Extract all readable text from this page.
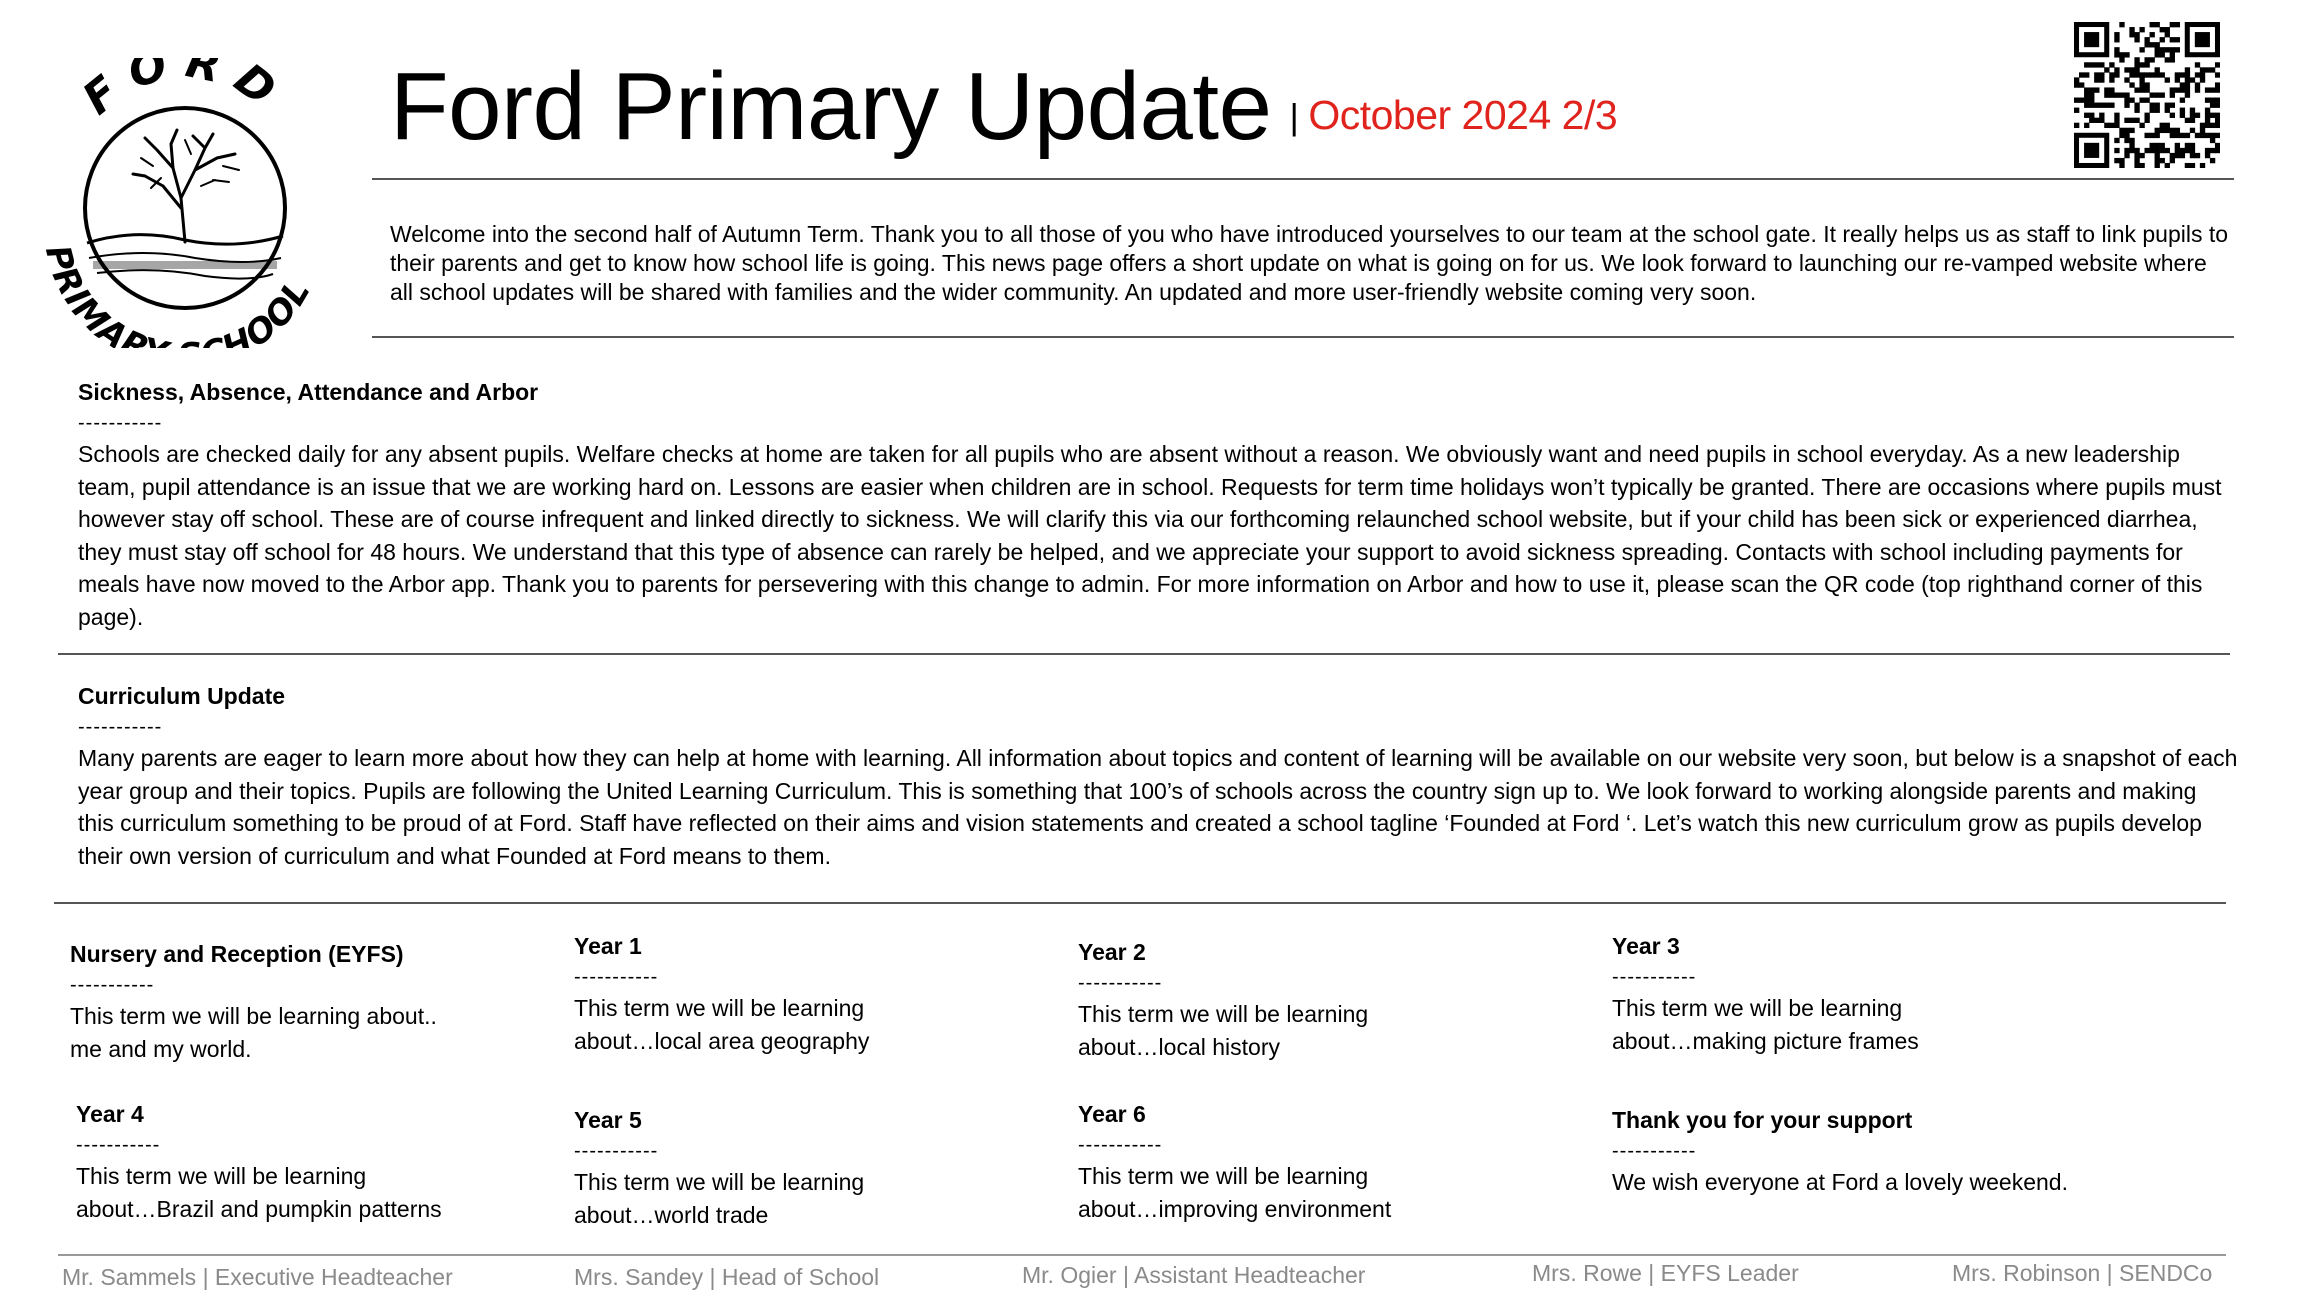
FORD
RIMAR HOOL
Ford Primary Update | $^{October 2024 2/3}$
Welcome into the second half of Autumn Term. Thank you to all those of you who have introduced yourselves to our team at the school gate. It really helps us as staff to link pupils to their parents and get to know how school life is going. This news page offers a short update on what is going on for us. We look forward to launching our re-vamped website where all school updates will be shared with families and the wider community. An updated and more user-friendly website coming very soon.
Sickness, Absence, Attendance and Arbor
-----------
Schools are checked daily for any absent pupils. Welfare checks at home are taken for all pupils who are absent without a reason. We obviously want and need pupils in school everyday. As a new leadership team, pupil attendance is an issue that we are working hard on. Lessons are easier when children are in school. Requests for term time holidays won’t typically be granted. There are occasions where pupils must however stay off school. These are of course infrequent and linked directly to sickness. We will clarify this via our forthcoming relaunched school website, but if your child has been sick or experienced diarrhea, they must stay off school for 48 hours. We understand that this type of absence can rarely be helped, and we appreciate your support to avoid sickness spreading. Contacts with school including payments for meals have now moved to the Arbor app. Thank you to parents for persevering with this change to admin. For more information on Arbor and how to use it, please scan the QR code (top righthand corner of this page).
Curriculum Update
-----------
Many parents are eager to learn more about how they can help at home with learning. All information about topics and content of learning will be available on our website very soon, but below is a snapshot of each year group and their topics. Pupils are following the United Learning Curriculum. This is something that 100’s of schools across the country sign up to. We look forward to working alongside parents and making this curriculum something to be proud of at Ford. Staff have reflected on their aims and vision statements and created a school tagline ‘Founded at Ford ‘. Let’s watch this new curriculum grow as pupils develop their own version of curriculum and what Founded at Ford means to them.
Nursery and Reception (EYFS)
-----------
This term we will be learning about..
me and my world.
Year 1
-----------
This term we will be learning
about…local area geography
Year 2
-----------
This term we will be learning
about…local history
Year 3
-----------
This term we will be learning
about…making picture frames
Year 4
-----------
This term we will be learning
about…Brazil and pumpkin patterns
Year 5
-----------
This term we will be learning
about…world trade
Year 6
-----------
This term we will be learning
about…improving environment
Thank you for your support
-----------
We wish everyone at Ford a lovely weekend.
Mr. Sammels | Executive Headteacher	Mrs. Sandey | Head of School	Mr. Ogier | Assistant Headteacher	Mrs. Rowe | EYFS Leader	Mrs. Robinson | SENDCo
